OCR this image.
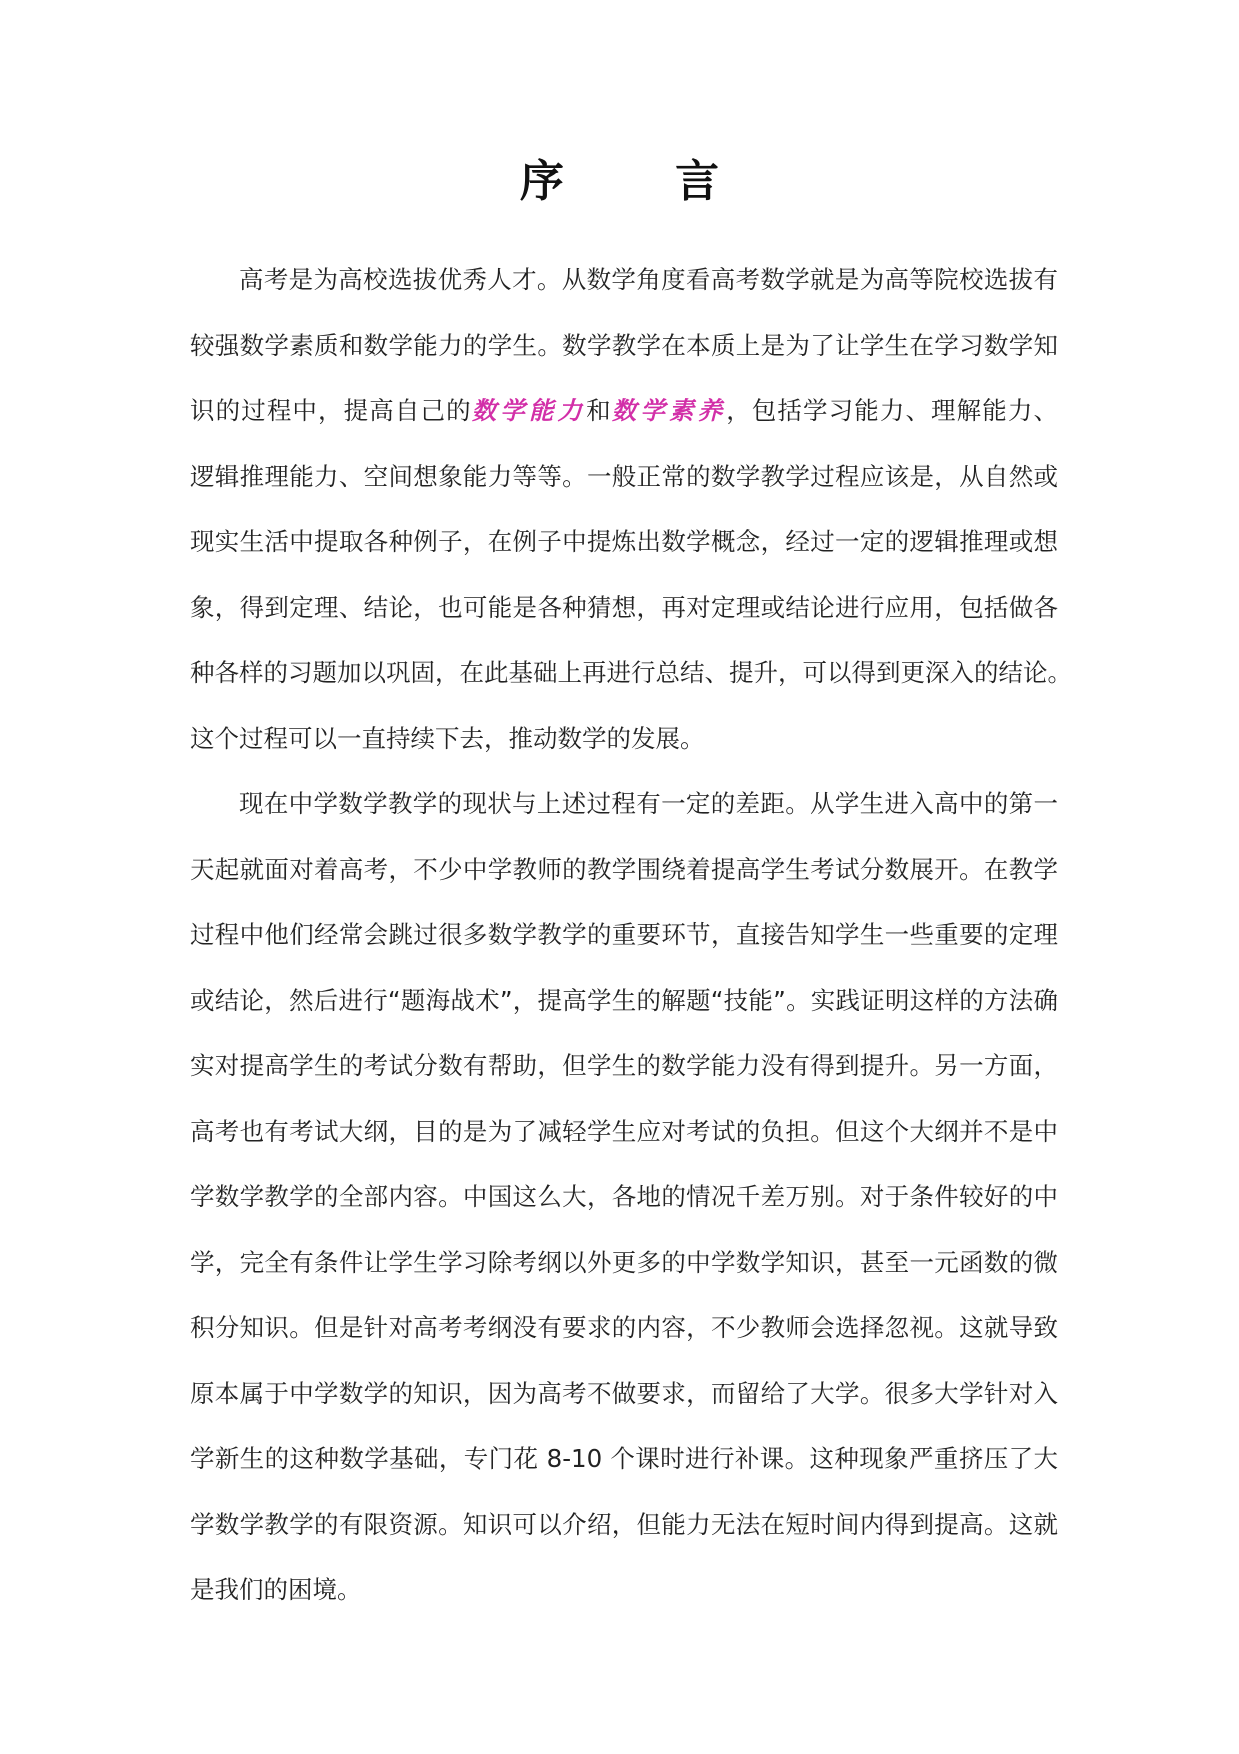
序 言
高考是为高校选拔优秀人才。从数学角度看高考数学就是为高等院校选拔有
较强数学素质和数学能力的学生。数学教学在本质上是为了让学生在学习数学知
识的过程中，提高自己的数学能力和数学素养，包括学习能力、理解能力、
逻辑推理能力、空间想象能力等等。一般正常的数学教学过程应该是，从自然或
现实生活中提取各种例子，在例子中提炼出数学概念，经过一定的逻辑推理或想
象，得到定理、结论，也可能是各种猜想，再对定理或结论进行应用，包括做各
种各样的习题加以巩固，在此基础上再进行总结、提升，可以得到更深入的结论。
这个过程可以一直持续下去，推动数学的发展。
现在中学数学教学的现状与上述过程有一定的差距。从学生进入高中的第一
天起就面对着高考，不少中学教师的教学围绕着提高学生考试分数展开。在教学
过程中他们经常会跳过很多数学教学的重要环节，直接告知学生一些重要的定理
或结论，然后进行“题海战术”，提高学生的解题“技能”。实践证明这样的方法确
实对提高学生的考试分数有帮助，但学生的数学能力没有得到提升。另一方面，
高考也有考试大纲，目的是为了减轻学生应对考试的负担。但这个大纲并不是中
学数学教学的全部内容。中国这么大，各地的情况千差万别。对于条件较好的中
学，完全有条件让学生学习除考纲以外更多的中学数学知识，甚至一元函数的微
积分知识。但是针对高考考纲没有要求的内容，不少教师会选择忽视。这就导致
原本属于中学数学的知识，因为高考不做要求，而留给了大学。很多大学针对入
学新生的这种数学基础，专门花 8-10 个课时进行补课。这种现象严重挤压了大
学数学教学的有限资源。知识可以介绍，但能力无法在短时间内得到提高。这就
是我们的困境。
